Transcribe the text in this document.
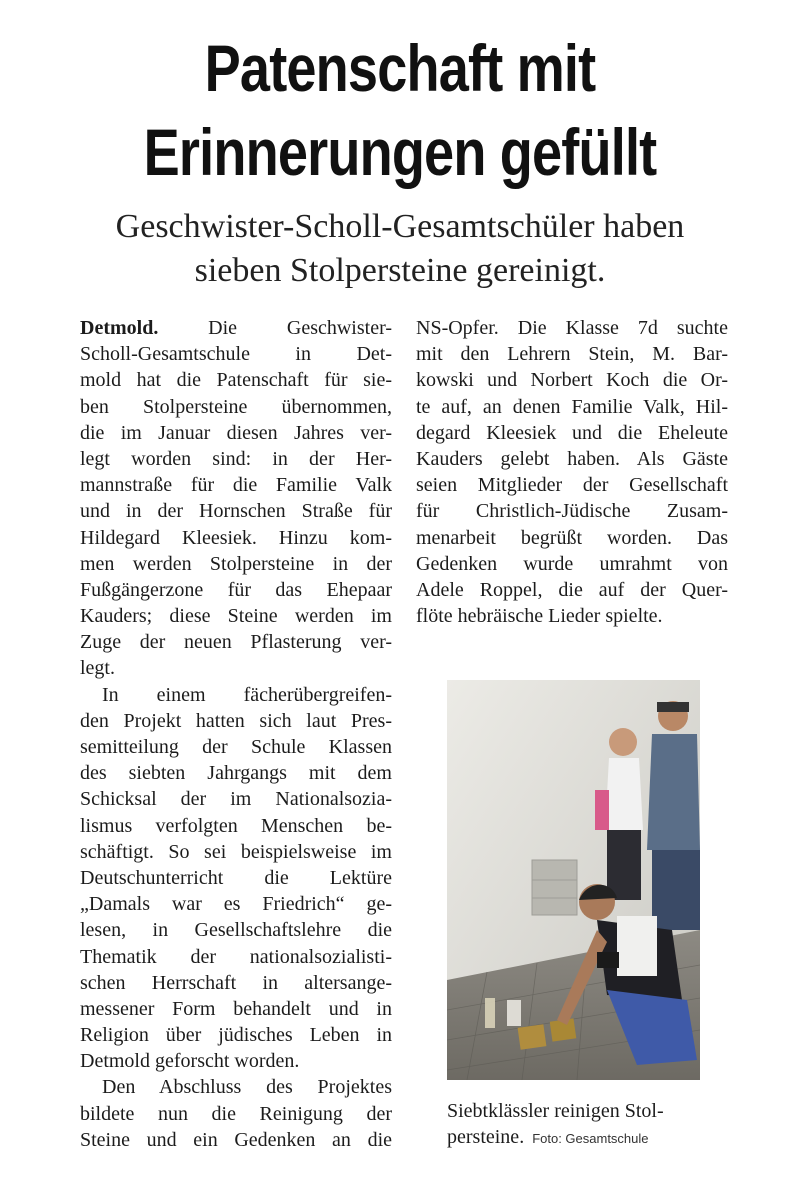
Patenschaft mit
Erinnerungen gefüllt
Geschwister-Scholl-Gesamtschüler haben
sieben Stolpersteine gereinigt.
Detmold. Die Geschwister-
Scholl-Gesamtschule in Det-
mold hat die Patenschaft für sie-
ben Stolpersteine übernommen,
die im Januar diesen Jahres ver-
legt worden sind: in der Her-
mannstraße für die Familie Valk
und in der Hornschen Straße für
Hildegard Kleesiek. Hinzu kom-
men werden Stolpersteine in der
Fußgängerzone für das Ehepaar
Kauders; diese Steine werden im
Zuge der neuen Pflasterung ver-
legt.
In einem fächerübergreifen-
den Projekt hatten sich laut Pres-
semitteilung der Schule Klassen
des siebten Jahrgangs mit dem
Schicksal der im Nationalsozia-
lismus verfolgten Menschen be-
schäftigt. So sei beispielsweise im
Deutschunterricht die Lektüre
„Damals war es Friedrich“ ge-
lesen, in Gesellschaftslehre die
Thematik der nationalsozialisti-
schen Herrschaft in altersange-
messener Form behandelt und in
Religion über jüdisches Leben in
Detmold geforscht worden.
Den Abschluss des Projektes
bildete nun die Reinigung der
Steine und ein Gedenken an die
NS-Opfer. Die Klasse 7d suchte
mit den Lehrern Stein, M. Bar-
kowski und Norbert Koch die Or-
te auf, an denen Familie Valk, Hil-
degard Kleesiek und die Eheleute
Kauders gelebt haben. Als Gäste
seien Mitglieder der Gesellschaft
für Christlich-Jüdische Zusam-
menarbeit begrüßt worden. Das
Gedenken wurde umrahmt von
Adele Roppel, die auf der Quer-
flöte hebräische Lieder spielte.
Siebtklässler reinigen Stol-
persteine. Foto: Gesamtschule
